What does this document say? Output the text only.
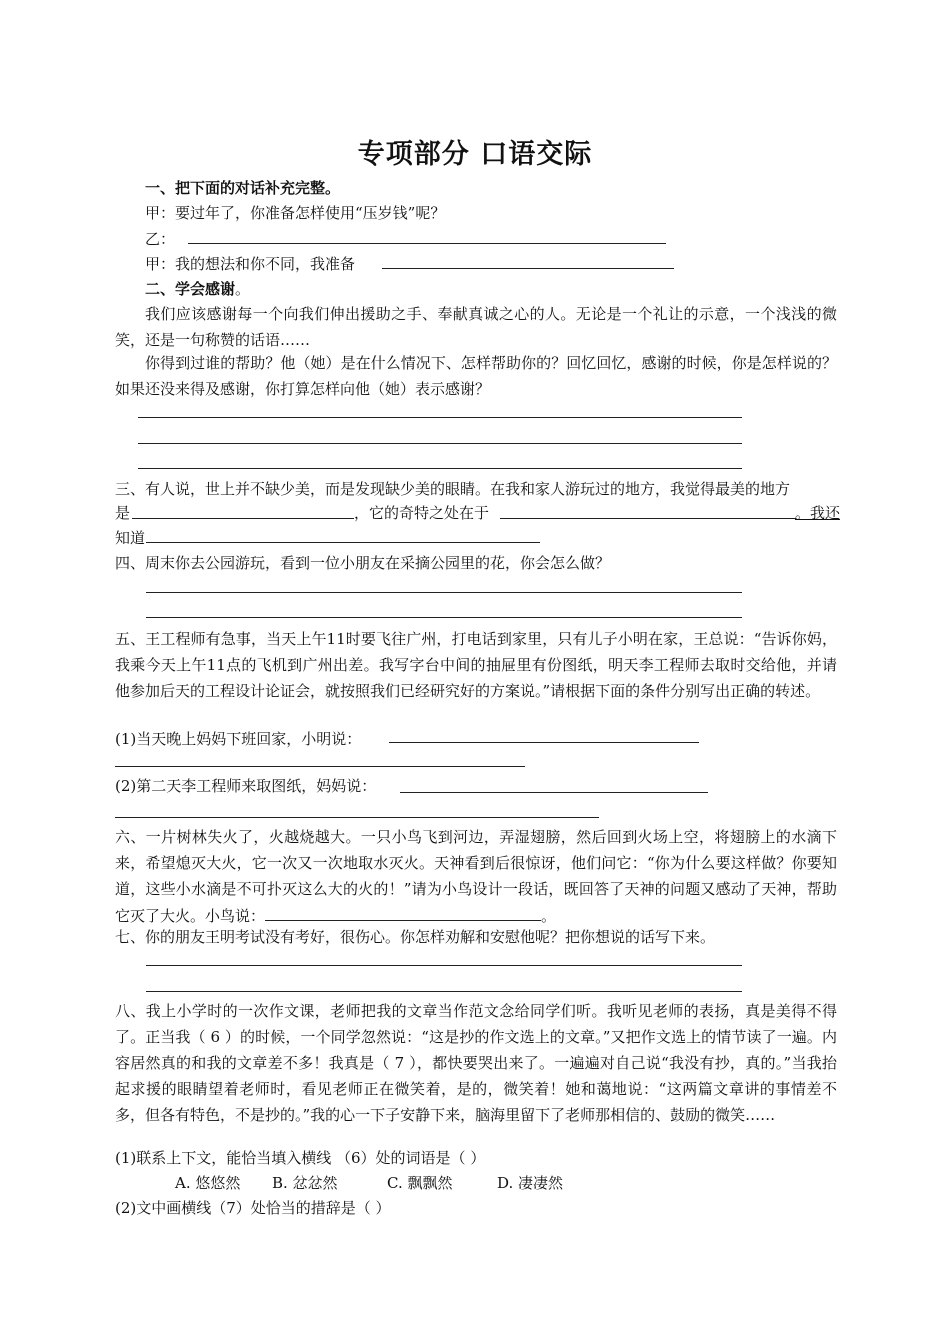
专项部分 口语交际
一、把下面的对话补充完整。
甲：要过年了，你准备怎样使用“压岁钱”呢？
乙：
甲：我的想法和你不同，我准备
二、学会感谢。
我们应该感谢每一个向我们伸出援助之手、奉献真诚之心的人。无论是一个礼让的示意，一个浅浅的微笑，还是一句称赞的话语……
你得到过谁的帮助？他（她）是在什么情况下、怎样帮助你的？回忆回忆，感谢的时候，你是怎样说的？如果还没来得及感谢，你打算怎样向他（她）表示感谢？
三、有人说，世上并不缺少美，而是发现缺少美的眼睛。在我和家人游玩过的地方，我觉得最美的地方
是	，它的奇特之处在于	。我还
知道
四、周末你去公园游玩，看到一位小朋友在采摘公园里的花，你会怎么做？
五、王工程师有急事，当天上午11时要飞往广州，打电话到家里，只有儿子小明在家，王总说：“告诉你妈，我乘今天上午11点的飞机到广州出差。我写字台中间的抽屉里有份图纸，明天李工程师去取时交给他，并请他参加后天的工程设计论证会，就按照我们已经研究好的方案说。”请根据下面的条件分别写出正确的转述。
(1)当天晚上妈妈下班回家，小明说：
(2)第二天李工程师来取图纸，妈妈说：
六、一片树林失火了，火越烧越大。一只小鸟飞到河边，弄湿翅膀，然后回到火场上空，将翅膀上的水滴下来，希望熄灭大火，它一次又一次地取水灭火。天神看到后很惊讶，他们问它：“你为什么要这样做？你要知道，这些小水滴是不可扑灭这么大的火的！”请为小鸟设计一段话，既回答了天神的问题又感动了天神，帮助它灭了大火。小鸟说：	。
七、你的朋友王明考试没有考好，很伤心。你怎样劝解和安慰他呢？把你想说的话写下来。
八、我上小学时的一次作文课，老师把我的文章当作范文念给同学们听。我听见老师的表扬，真是美得不得了。正当我（ 6 ）的时候，一个同学忽然说：“这是抄的作文选上的文章。”又把作文选上的情节读了一遍。内容居然真的和我的文章差不多！我真是（ 7 ），都快要哭出来了。一遍遍对自己说“我没有抄，真的。”当我抬起求援的眼睛望着老师时，看见老师正在微笑着，是的，微笑着！她和蔼地说：“这两篇文章讲的事情差不多，但各有特色，不是抄的。”我的心一下子安静下来，脑海里留下了老师那相信的、鼓励的微笑……
(1)联系上下文，能恰当填入横线 （6）处的词语是（ ）
A. 悠悠然 B. 忿忿然	C. 飘飘然	D. 凄凄然
(2)文中画横线（7）处恰当的措辞是（ ）
